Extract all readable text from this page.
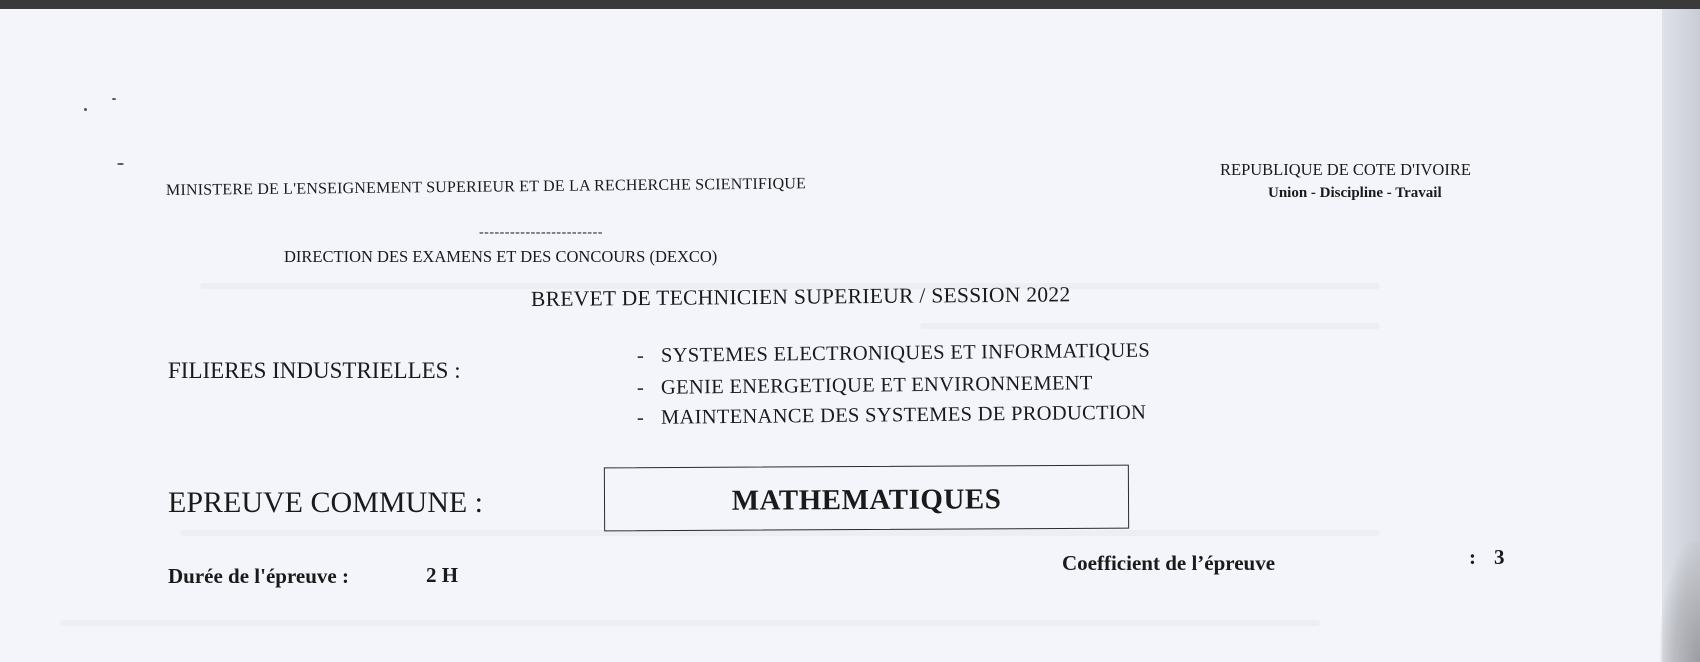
MINISTERE DE L'ENSEIGNEMENT SUPERIEUR ET DE LA RECHERCHE SCIENTIFIQUE
REPUBLIQUE DE COTE D'IVOIRE
Union - Discipline - Travail
------------------------
DIRECTION DES EXAMENS ET DES CONCOURS (DEXCO)
BREVET DE TECHNICIEN SUPERIEUR / SESSION 2022
FILIERES INDUSTRIELLES :
- SYSTEMES ELECTRONIQUES ET INFORMATIQUES
- GENIE ENERGETIQUE ET ENVIRONNEMENT
- MAINTENANCE DES SYSTEMES DE PRODUCTION
EPREUVE COMMUNE :	MATHEMATIQUES
Durée de l'épreuve :	2 H	Coefficient de l’épreuve	: 3
